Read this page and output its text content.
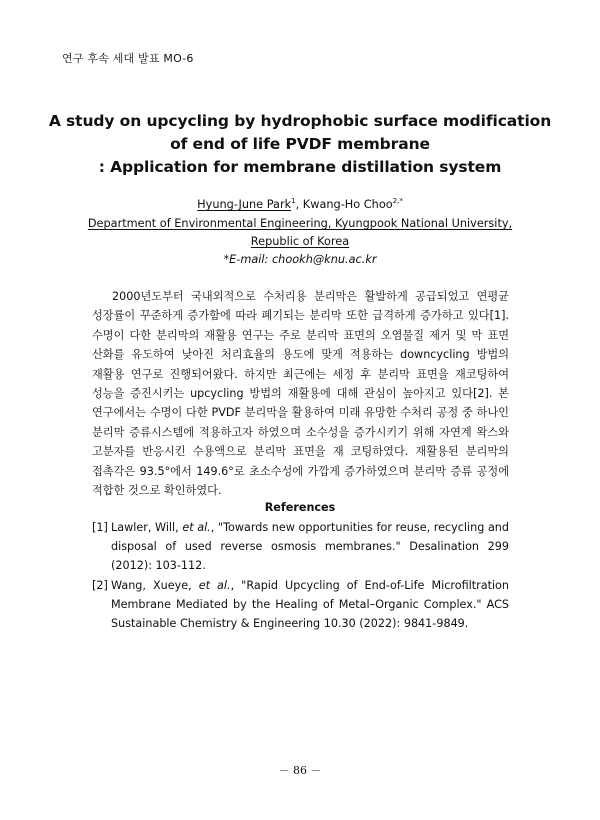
연구 후속 세대 발표 MO-6
A study on upcycling by hydrophobic surface modification
of end of life PVDF membrane
: Application for membrane distillation system
Hyung-June Park$^1$, Kwang-Ho Choo$^{2,*}$
Department of Environmental Engineering, Kyungpook National University,
Republic of Korea
*E-mail: chookh@knu.ac.kr
2000년도부터 국내외적으로 수처리용 분리막은 활발하게 공급되었고 연평균 성장률이 꾸준하게 증가함에 따라 폐기되는 분리막 또한 급격하게 증가하고 있다[1]. 수명이 다한 분리막의 재활용 연구는 주로 분리막 표면의 오염물질 제거 및 막 표면 산화를 유도하여 낮아진 처리효율의 용도에 맞게 적용하는 downcycling 방법의 재활용 연구로 진행되어왔다. 하지만 최근에는 세정 후 분리막 표면을 재코팅하여 성능을 증진시키는 upcycling 방법의 재활용에 대해 관심이 높아지고 있다[2]. 본 연구에서는 수명이 다한 PVDF 분리막을 활용하여 미래 유망한 수처리 공정 중 하나인 분리막 증류시스템에 적용하고자 하였으며 소수성을 증가시키기 위해 자연계 왁스와 고분자를 반응시킨 수용액으로 분리막 표면을 재 코팅하였다. 재활용된 분리막의 접촉각은 93.5°에서 149.6°로 초소수성에 가깝게 증가하였으며 분리막 증류 공정에 적합한 것으로 확인하였다.
References
[1] Lawler, Will, et al., "Towards new opportunities for reuse, recycling and disposal of used reverse osmosis membranes." Desalination 299 (2012): 103-112.
[2] Wang, Xueye, et al., "Rapid Upcycling of End-of-Life Microfiltration Membrane Mediated by the Healing of Metal–Organic Complex." ACS Sustainable Chemistry & Engineering 10.30 (2022): 9841-9849.
－ 86 －
